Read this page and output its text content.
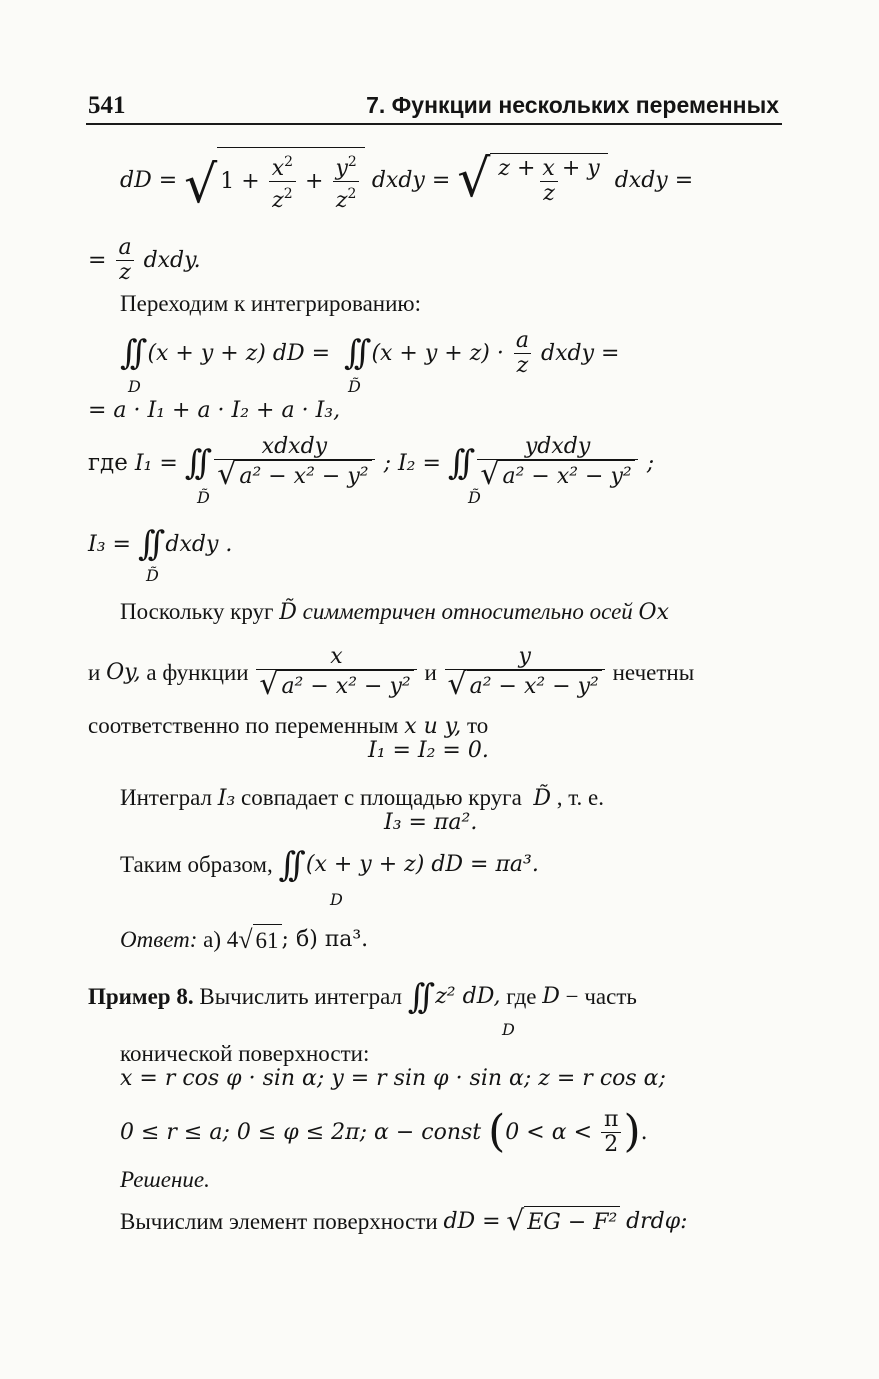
541	7. Функции нескольких переменных
dD =
√ $1 + \frac{x^2}{z^2} + \frac{y^2}{z^2}$
dxdy =
√ $\frac{z + x + y}{z}$
dxdy =
=
$\frac{a}{z}$
dxdy.
Переходим к интегрированию:
∫∫ (x + y + z) dD =
∫∫ (x + y + z) ·
$\frac{a}{z}$
dxdy =
D	D̃
= a · I₁ + a · I₂ + a · I₃,
где
I₁ =
∫∫ $\frac{\text{xdxdy}}{\text{√ a² − x² − y²}}$
; I₂ =
∫∫ $\frac{\text{ydxdy}}{\text{√ a² − x² − y²}}$
;
D̃	D̃
I₃ =
∫∫ dxdy .
D̃
Поскольку круг D̃ симметричен относительно осей Ox
и
Oy,
а функции
$\frac{x}{\text{√ a² − x² − y²}}$
и
$\frac{y}{\text{√ a² − x² − y²}}$
нечетны
соответственно по переменным x и y, то
I₁ = I₂ = 0.
Интеграл I₃ совпадает с площадью круга D̃ , т. е.
I₃ = πa².
Таким образом,
∫∫ (x + y + z) dD = πa³.
D
Ответ:
а) 4 √ 61 ; б) πa³.
Пример 8.
Вычислить интеграл
∫∫ z² dD,
где
D
− часть
D
конической поверхности:
x = r cos φ · sin α; y = r sin φ · sin α; z = r cos α;
0 ≤ r ≤ a; 0 ≤ φ ≤ 2π; α − const
( 0 < α <
$\frac{\pi}{2}$ ) .
Решение.
Вычислим элемент поверхности
dD =
√ EG − F²
drdφ:
